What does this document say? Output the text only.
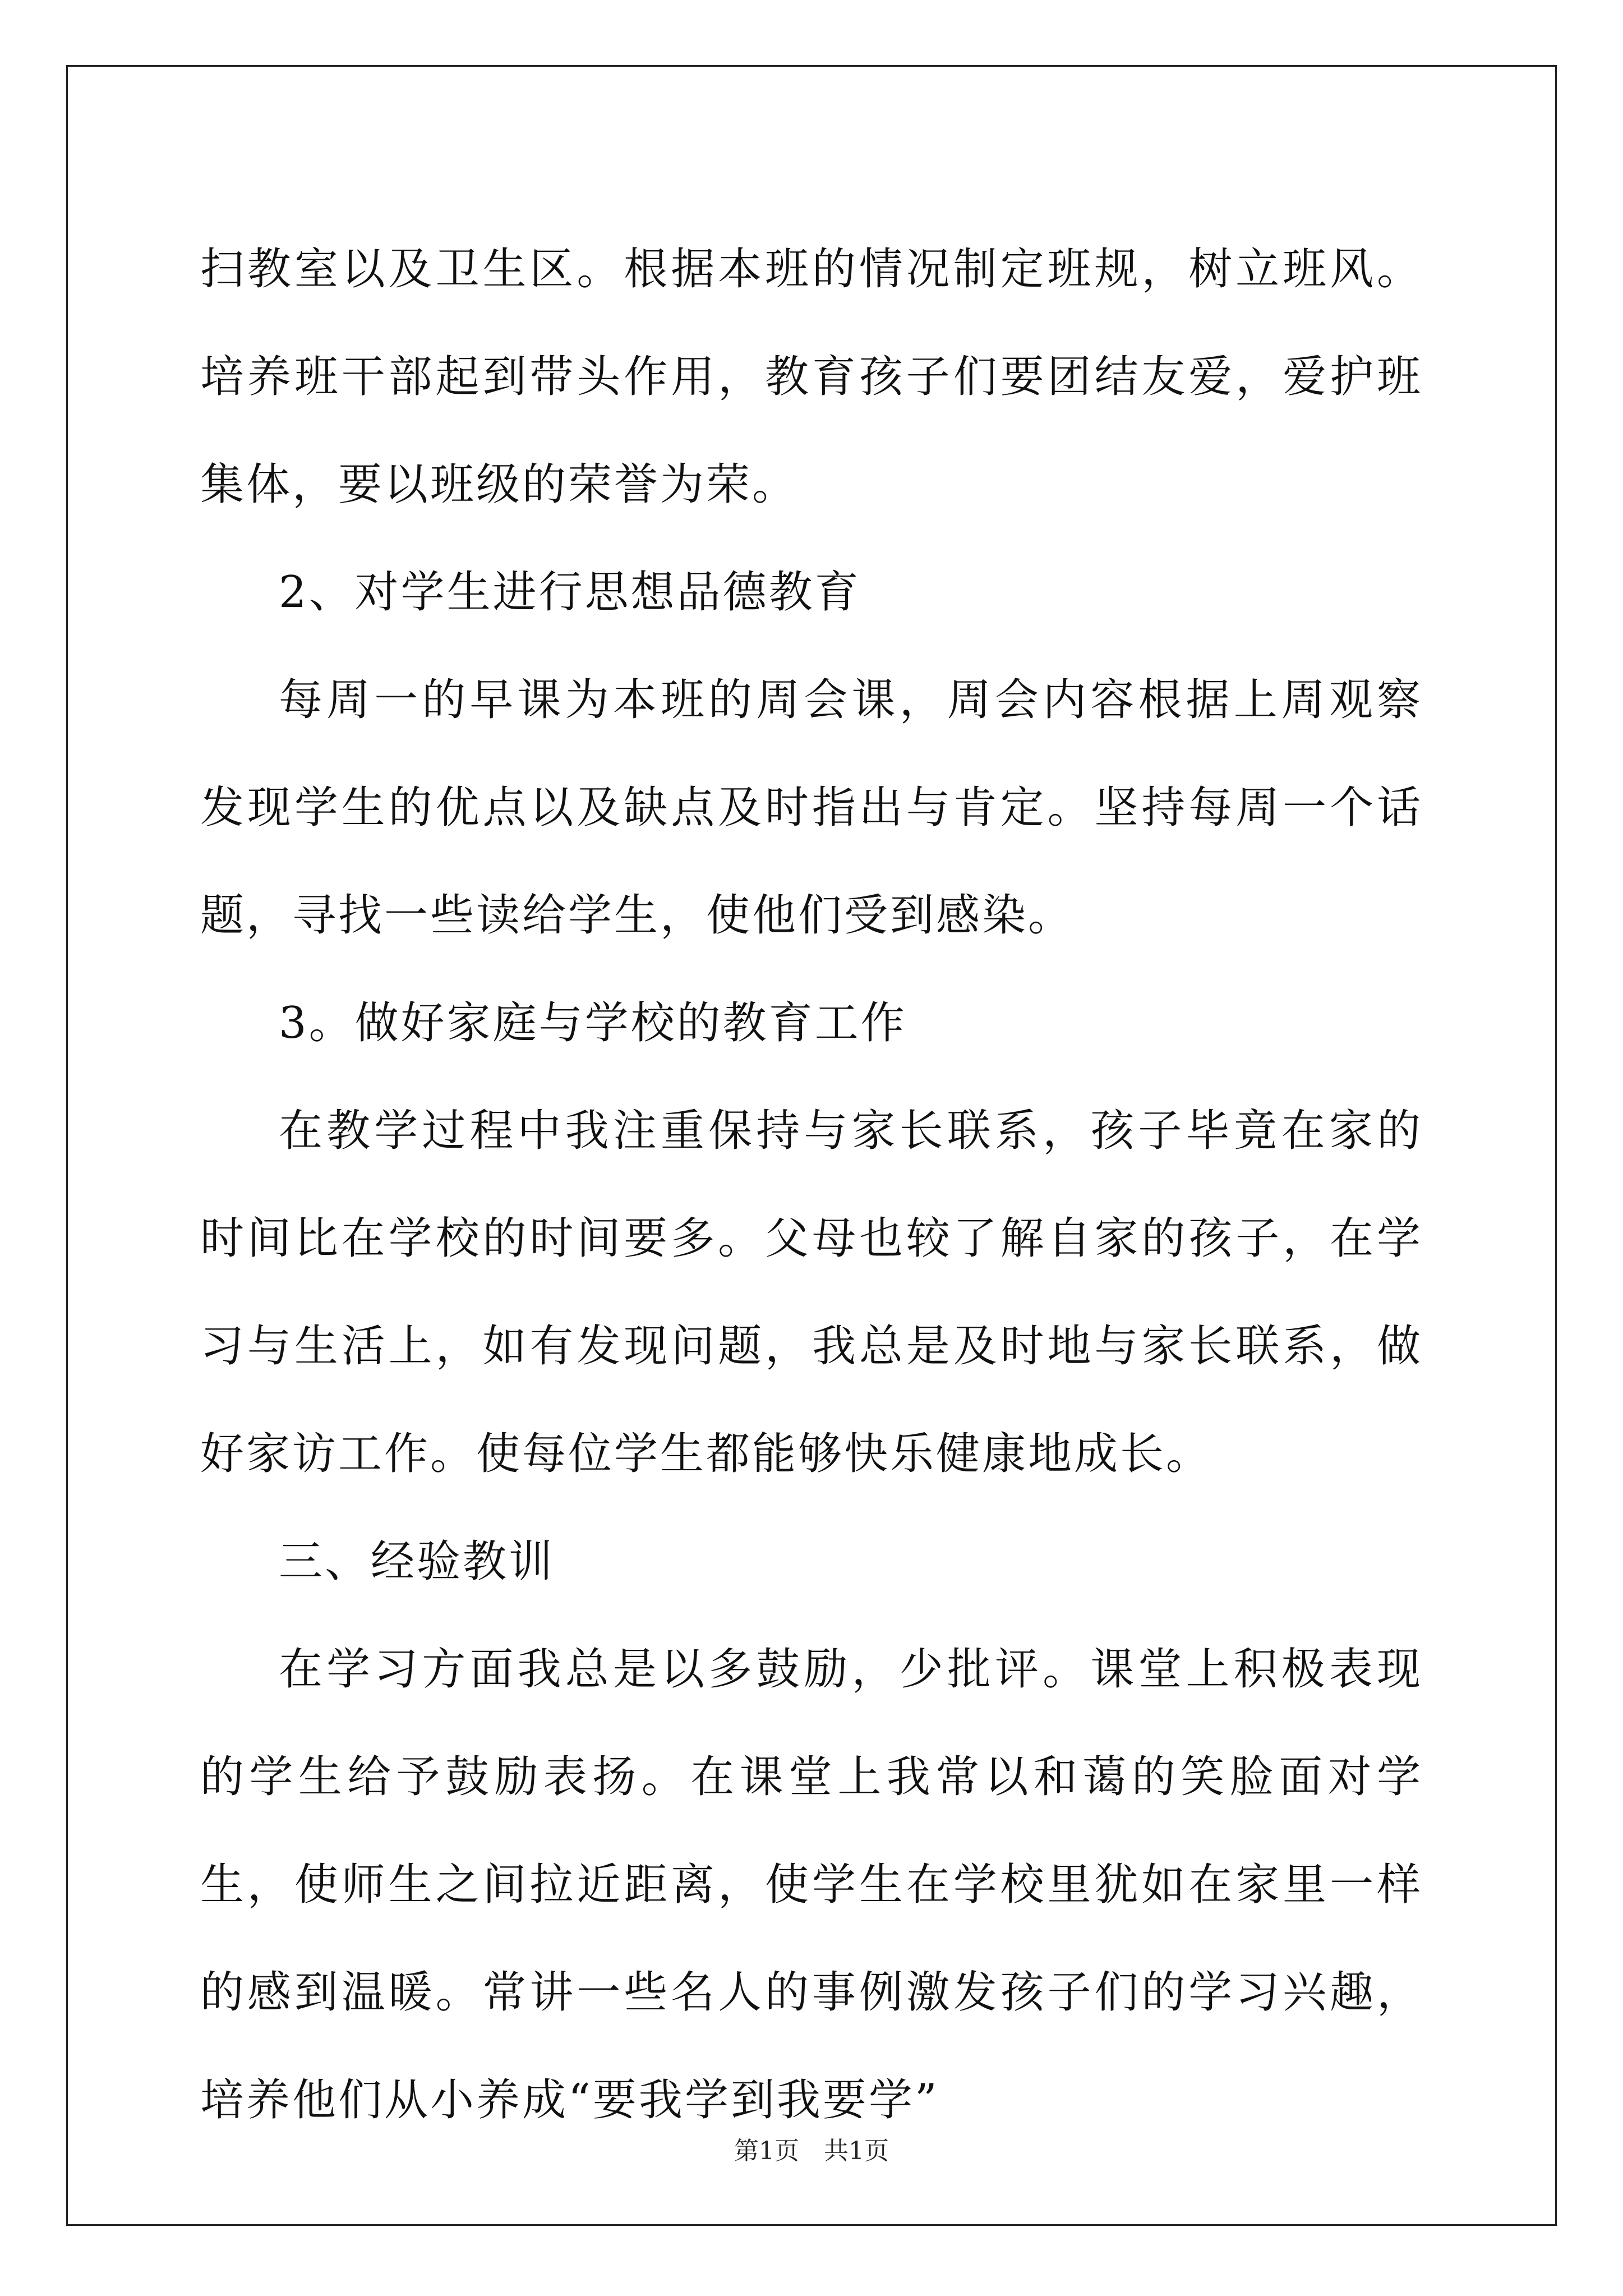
扫教室以及卫生区。根据本班的情况制定班规，树立班风。培养班干部起到带头作用，教育孩子们要团结友爱，爱护班集体，要以班级的荣誉为荣。

2、对学生进行思想品德教育

每周一的早课为本班的周会课，周会内容根据上周观察发现学生的优点以及缺点及时指出与肯定。坚持每周一个话题，寻找一些读给学生，使他们受到感染。

3。做好家庭与学校的教育工作

在教学过程中我注重保持与家长联系，孩子毕竟在家的时间比在学校的时间要多。父母也较了解自家的孩子，在学习与生活上，如有发现问题，我总是及时地与家长联系，做好家访工作。使每位学生都能够快乐健康地成长。

三、经验教训

在学习方面我总是以多鼓励，少批评。课堂上积极表现的学生给予鼓励表扬。在课堂上我常以和蔼的笑脸面对学生，使师生之间拉近距离，使学生在学校里犹如在家里一样的感到温暖。常讲一些名人的事例激发孩子们的学习兴趣，培养他们从小养成“要我学到我要学”

第1页　共1页
